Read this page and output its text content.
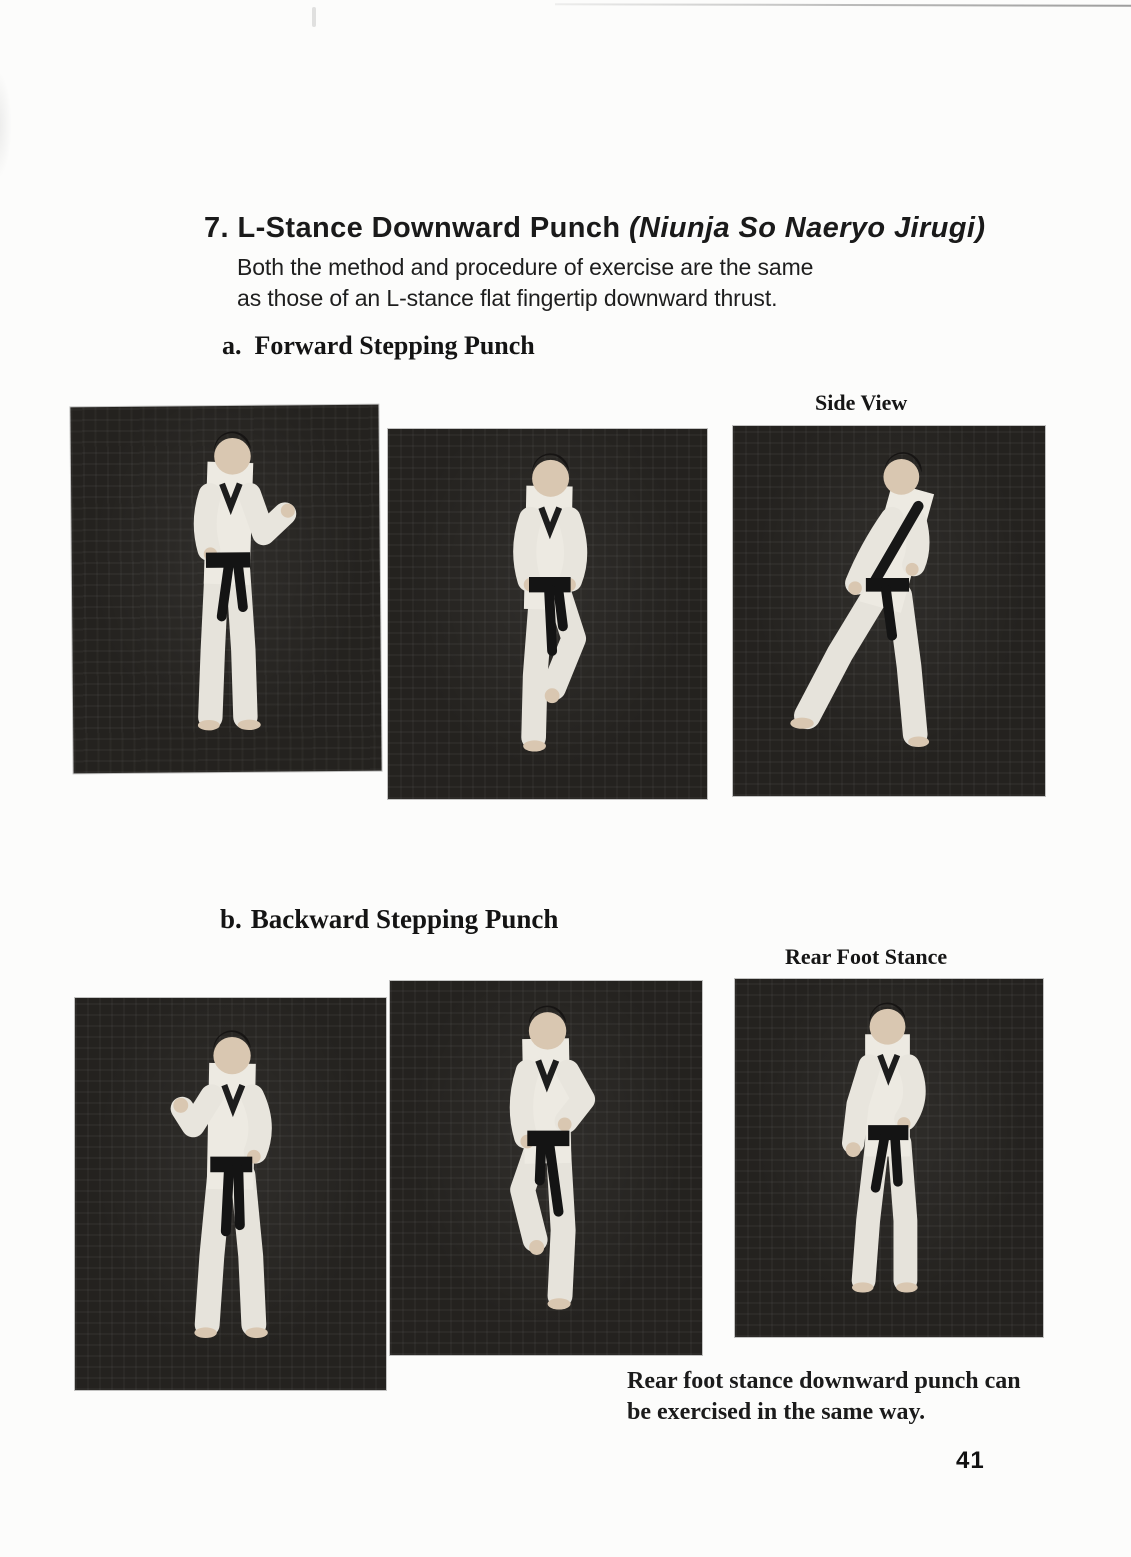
7. L-Stance Downward Punch (Niunja So Naeryo Jirugi)
Both the method and procedure of exercise are the same
as those of an L-stance flat fingertip downward thrust.
a. Forward Stepping Punch
Side View
b. Backward Stepping Punch
Rear Foot Stance
Rear foot stance downward punch can
be exercised in the same way.
41
